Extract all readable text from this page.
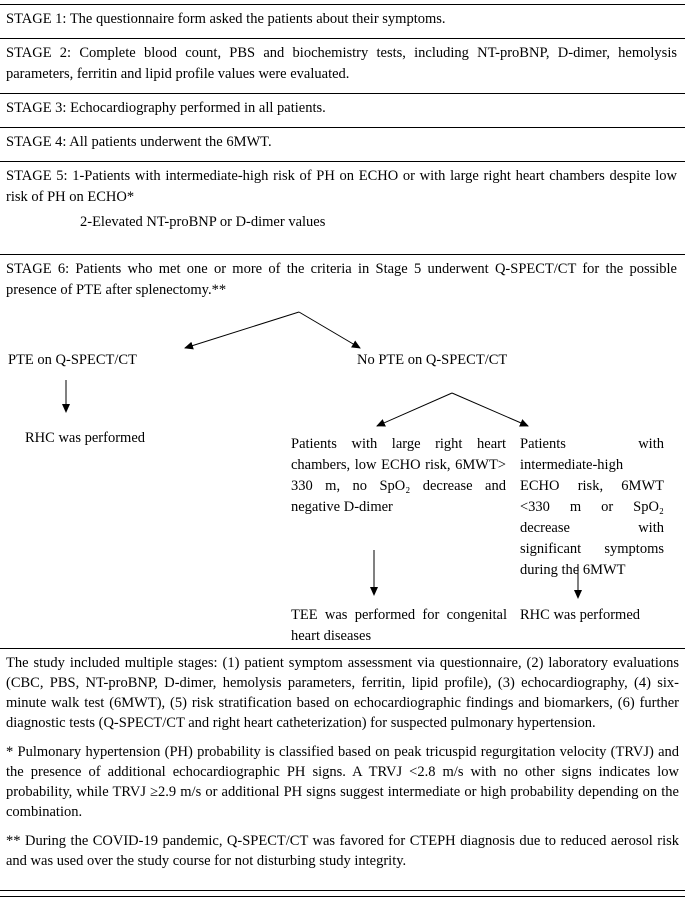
STAGE 1: The questionnaire form asked the patients about their symptoms.

STAGE 2: Complete blood count, PBS and biochemistry tests, including NT-proBNP, D-dimer, hemolysis parameters, ferritin and lipid profile values were evaluated.

STAGE 3: Echocardiography performed in all patients.

STAGE 4: All patients underwent the 6MWT.

STAGE 5: 1-Patients with intermediate-high risk of PH on ECHO or with large right heart chambers despite low risk of PH on ECHO*

2-Elevated NT-proBNP or D-dimer values

STAGE 6: Patients who met one or more of the criteria in Stage 5 underwent Q-SPECT/CT for the possible presence of PTE after splenectomy.**

PTE on Q-SPECT/CT	No PTE on Q-SPECT/CT
RHC was performed	Patients with large right heart chambers, low ECHO risk, 6MWT> 330 m, no SpO₂ decrease and negative D-dimer
Patients with intermediate-high ECHO risk, 6MWT <330 m or SpO₂ decrease with significant symptoms during the 6MWT
TEE was performed for congenital heart diseases
RHC was performed

The study included multiple stages: (1) patient symptom assessment via questionnaire, (2) laboratory evaluations (CBC, PBS, NT-proBNP, D-dimer, hemolysis parameters, ferritin, lipid profile), (3) echocardiography, (4) six-minute walk test (6MWT), (5) risk stratification based on echocardiographic findings and biomarkers, (6) further diagnostic tests (Q-SPECT/CT and right heart catheterization) for suspected pulmonary hypertension.

* Pulmonary hypertension (PH) probability is classified based on peak tricuspid regurgitation velocity (TRVJ) and the presence of additional echocardiographic PH signs. A TRVJ <2.8 m/s with no other signs indicates low probability, while TRVJ ≥2.9 m/s or additional PH signs suggest intermediate or high probability depending on the combination.

** During the COVID-19 pandemic, Q-SPECT/CT was favored for CTEPH diagnosis due to reduced aerosol risk and was used over the study course for not disturbing study integrity.
